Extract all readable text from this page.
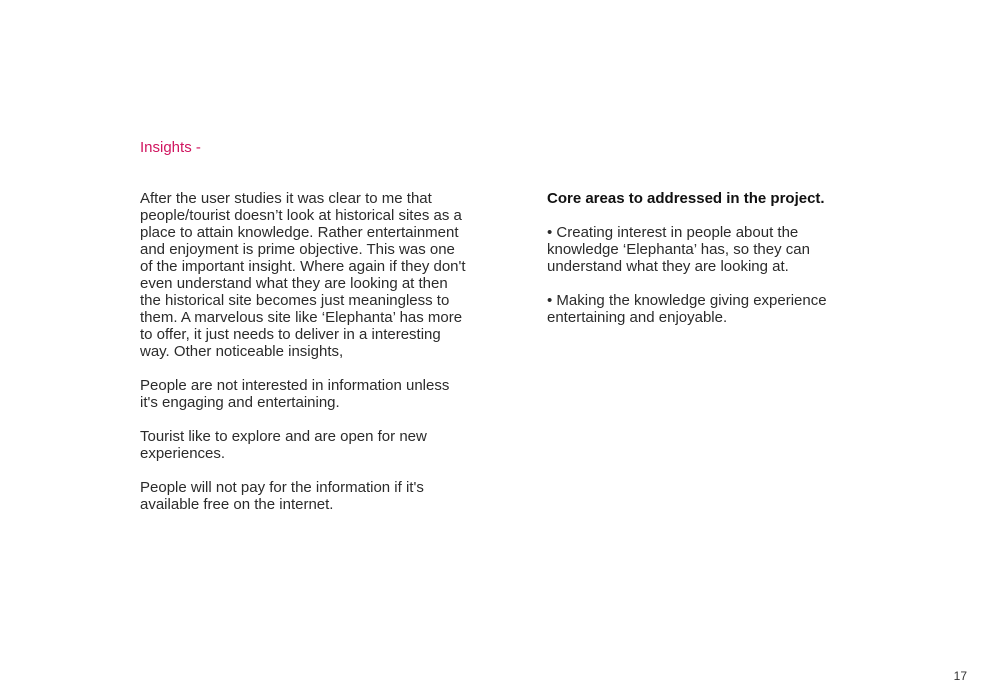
Insights -

After the user studies it was clear to me that people/tourist doesn’t look at historical sites as a place to attain knowledge. Rather entertainment and enjoyment is prime objective. This was one of the important insight. Where again if they don't even understand what they are looking at then the historical site becomes just meaningless to them. A marvelous site like ‘Elephanta’ has more to offer, it just needs to deliver in a interesting way. Other noticeable insights,

People are not interested in information unless it's engaging and entertaining.

Tourist like to explore and are open for new experiences.

People will not pay for the information if it's available free on the internet.

Core areas to addressed in the project.

• Creating interest in people about the knowledge ‘Elephanta’ has, so they can understand what they are looking at.

• Making the knowledge giving experience entertaining and enjoyable.

17
